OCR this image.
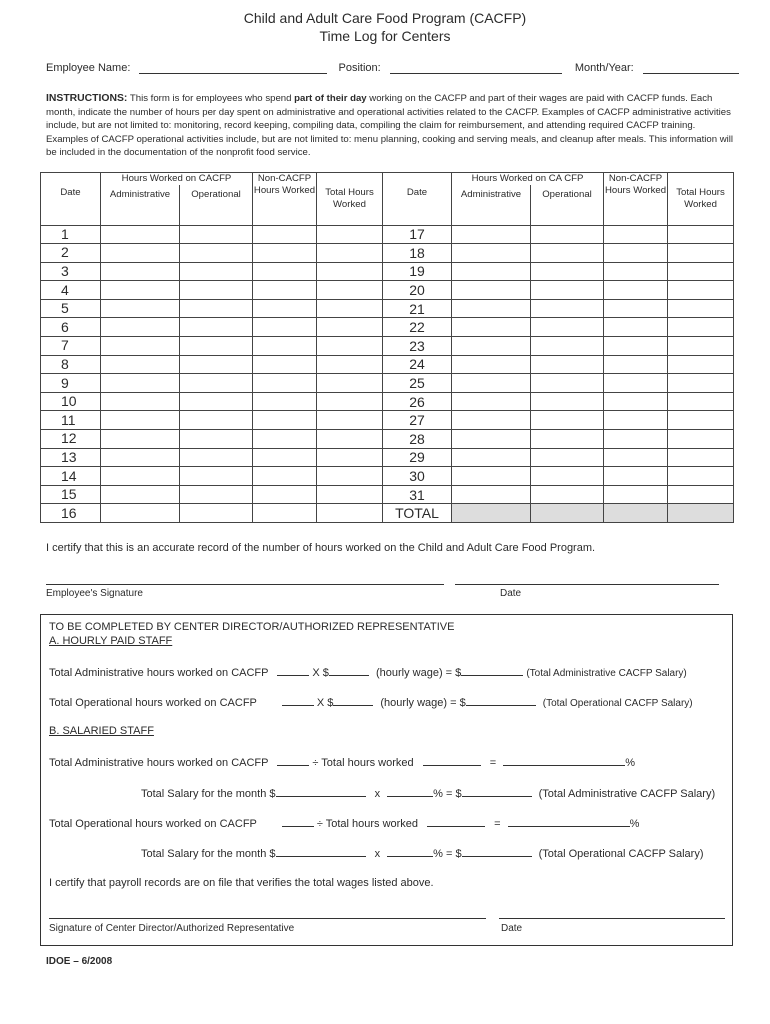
Child and Adult Care Food Program (CACFP)
Time Log for Centers
Employee Name:	Position:	Month/Year:
INSTRUCTIONS: This form is for employees who spend part of their day working on the CACFP and part of their wages are paid with CACFP funds. Each month, indicate the number of hours per day spent on administrative and operational activities related to the CACFP. Examples of CACFP administrative activities include, but are not limited to: monitoring, record keeping, compiling data, compiling the claim for reimbursement, and attending required CACFP training. Examples of CACFP operational activities include, but are not limited to: menu planning, cooking and serving meals, and cleanup after meals. This information will be included in the documentation of the nonprofit food service.
Date	Hours Worked on CACFP		Non-CACFP Hours Worked	Total Hours Worked	Date	Hours Worked on CA CFP		Non-CACFP Hours Worked	Total Hours Worked
	Administrative	Operational				Administrative	Operational		
1					17				
2					18				
3					19				
4					20				
5					21				
6					22				
7					23				
8					24				
9					25				
10					26				
11					27				
12					28				
13					29				
14					30				
15					31				
16					TOTAL				
I certify that this is an accurate record of the number of hours worked on the Child and Adult Care Food Program.
Employee's Signature	Date
TO BE COMPLETED BY CENTER DIRECTOR/AUTHORIZED REPRESENTATIVE
A. HOURLY PAID STAFF
Total Administrative hours worked on CACFP	X $	(hourly wage) = $	(Total Administrative CACFP Salary)
Total Operational hours worked on CACFP	X $	(hourly wage) = $	(Total Operational CACFP Salary)
B. SALARIED STAFF
Total Administrative hours worked on CACFP	÷ Total hours worked	=	%
Total Salary for the month $	x	% = $	(Total Administrative CACFP Salary)
Total Operational hours worked on CACFP	÷ Total hours worked	=	%
Total Salary for the month $	x	% = $	(Total Operational CACFP Salary)
I certify that payroll records are on file that verifies the total wages listed above.
Signature of Center Director/Authorized Representative	Date
IDOE – 6/2008
